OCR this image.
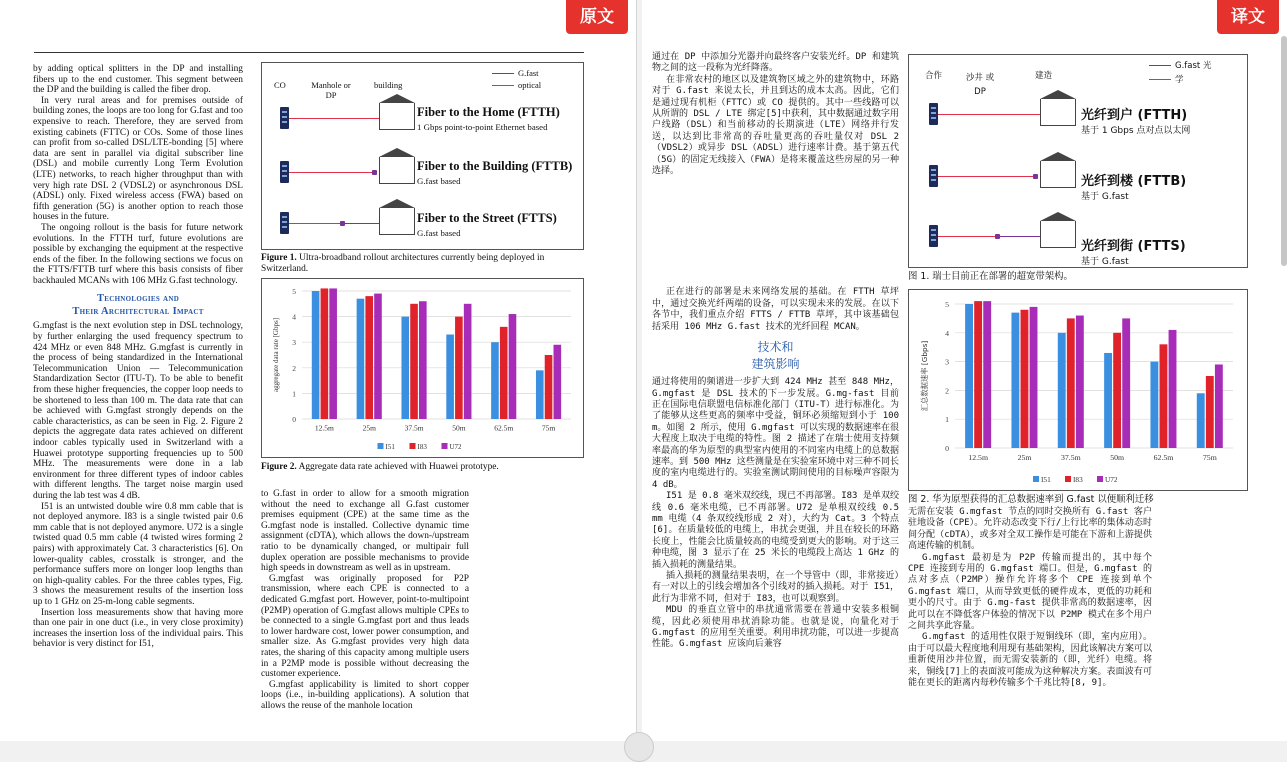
原文

by adding optical splitters in the DP and installing fibers up to the end customer. This segment between the DP and the building is called the fiber drop.

In very rural areas and for premises outside of building zones, the loops are too long for G.fast and too expensive to reach. Therefore, they are served from existing cabinets (FTTC) or COs. Some of those lines can profit from so-called DSL/LTE-bonding [5] where data are sent in parallel via digital subscriber line (DSL) and mobile currently Long Term Evolution (LTE) networks, to reach higher throughput than with very high rate DSL 2 (VDSL2) or asynchronous DSL (ADSL) only. Fixed wireless access (FWA) based on fifth generation (5G) is another option to reach those houses in the future.

The ongoing rollout is the basis for future network evolutions. In the FTTH turf, future evolutions are possible by exchanging the equipment at the respective ends of the fiber. In the following sections we focus on the FTTS/FTTB turf where this basis consists of fiber backhauled MCANs with 106 MHz G.fast technology.

Technologies and
Their Architectural Impact

G.mgfast is the next evolution step in DSL technology, by further enlarging the used frequency spectrum to 424 MHz or even 848 MHz. G.mgfast is currently in the process of being standardized in the International Telecommunication Union — Telecommunication Standardization Sector (ITU-T). To be able to benefit from these higher frequencies, the copper loop needs to be shortened to less than 100 m. The data rate that can be achieved with G.mgfast strongly depends on the cable characteristics, as can be seen in Fig. 2. Figure 2 depicts the aggregate data rates achieved on different indoor cables typically used in Switzerland with a Huawei prototype supporting frequencies up to 500 MHz. The measurements were done in a lab environment for three different types of indoor cables with different lengths. The target noise margin used during the lab test was 4 dB.

I51 is an untwisted double wire 0.8 mm cable that is not deployed anymore. I83 is a single twisted pair 0.6 mm cable that is not deployed anymore. U72 is a single twisted quad 0.5 mm cable (4 twisted wires forming 2 pairs) with approximately Cat. 3 characteristics [6]. On lower-quality cables, crosstalk is stronger, and the performance suffers more on longer loop lengths than on high-quality cables. For the three cables types, Fig. 3 shows the measurement results of the insertion loss up to 1 GHz on 25-m-long cable segments.

Insertion loss measurements show that having more than one pair in one duct (i.e., in very close proximity) increases the insertion loss of the individual pairs. This behavior is very distinct for I51,

to G.fast in order to allow for a smooth migration without the need to exchange all G.fast customer premises equipment (CPE) at the same time as the G.mgfast node is installed. Collective dynamic time assignment (cDTA), which allows the down-/upstream ratio to be dynamically changed, or multipair full duplex operation are possible mechanisms to provide high speeds in downstream as well as in upstream.

G.mgfast was originally proposed for P2P transmission, where each CPE is connected to a dedicated G.mgfast port. However, point-to-multipoint (P2MP) operation of G.mgfast allows multiple CPEs to be connected to a single G.mgfast port and thus leads to lower hardware cost, lower power consumption, and smaller size. As G.mgfast provides very high data rates, the sharing of this capacity among multiple users in a P2MP mode is possible without decreasing the customer experience.

G.mgfast applicability is limited to short copper loops (i.e., in-building applications). A solution that allows the reuse of the manhole location

CO	Manhole or DP
building
G.fast
optical
Fiber to the Home (FTTH)
1 Gbps point-to-point Ethernet based
Fiber to the Building (FTTB)
G.fast based
Fiber to the Street (FTTS)
G.fast based
Figure 1. Ultra-broadband rollout architectures currently being deployed in Switzerland.
0
1
2
3
4
5
aggregate data rate [Gbps]
12.5m	25m	37.5m	50m	62.5m	75m
I51	I83	U72
Figure 2. Aggregate data rate achieved with Huawei prototype.
译文

通过在 DP 中添加分光器并向最终客户安装光纤。DP 和建筑物之间的这一段称为光纤降落。

在非常农村的地区以及建筑物区域之外的建筑物中，环路对于 G.fast 来说太长，并且到达的成本太高。因此，它们是通过现有机柜（FTTC）或 CO 提供的。其中一些线路可以从所谓的 DSL / LTE 绑定[5]中获利，其中数据通过数字用户线路（DSL）和当前移动的长期演进（LTE）网络并行发送，以达到比非常高的吞吐量更高的吞吐量仅对 DSL 2（VDSL2）或异步 DSL（ADSL）进行速率计费。基于第五代（5G）的固定无线接入（FWA）是将来覆盖这些房屋的另一种选择。

正在进行的部署是未来网络发展的基础。在 FTTH 草坪中，通过交换光纤两端的设备，可以实现未来的发展。在以下各节中，我们重点介绍 FTTS / FTTB 草坪，其中该基础包括采用 106 MHz G.fast 技术的光纤回程 MCAN。

技术和
建筑影响

通过将使用的频谱进一步扩大到 424 MHz 甚至 848 MHz，G.mgfast 是 DSL 技术的下一步发展。G.mg-fast 目前正在国际电信联盟电信标准化部门（ITU-T）进行标准化。为了能够从这些更高的频率中受益，铜环必须缩短到小于 100 m。如图 2 所示，使用 G.mgfast 可以实现的数据速率在很大程度上取决于电缆的特性。图 2 描述了在瑞士使用支持频率最高的华为原型的典型室内使用的不同室内电缆上的总数据速率。到 500 MHz 这些测量是在实验室环境中对三种不同长度的室内电缆进行的。实验室测试期间使用的目标噪声容限为 4 dB。

I51 是 0.8 毫米双绞线，现已不再部署。I83 是单双绞线 0.6 毫米电缆，已不再部署。U72 是单根双绞线 0.5 mm 电缆（4 条双绞线形成 2 对），大约为 Cat。3 个特点[6]。在质量较低的电缆上，串扰会更强，并且在较长的环路长度上，性能会比质量较高的电缆受到更大的影响。对于这三种电缆，图 3 显示了在 25 米长的电缆段上高达 1 GHz 的插入损耗的测量结果。

插入损耗的测量结果表明，在一个导管中（即，非常接近）有一对以上的引线会增加各个引线对的插入损耗。对于 I51，此行为非常不同，但对于 I83，也可以观察到。

MDU 的垂直立管中的串扰通常需要在普通中安装多根铜缆，因此必须使用串扰消除功能。也就是说，向量化对于 G.mgfast 的应用至关重要。利用串扰功能，可以进一步提高性能。G.mgfast 应该向后兼容

无需在安装 G.mgfast 节点的同时交换所有 G.fast 客户驻地设备（CPE）。允许动态改变下行/上行比率的集体动态时间分配（cDTA），或多对全双工操作是可能在下游和上游提供高速传输的机制。

G.mgfast 最初是为 P2P 传输而提出的，其中每个 CPE 连接到专用的 G.mgfast 端口。但是，G.mgfast 的点对多点（P2MP）操作允许将多个 CPE 连接到单个 G.mgfast 端口，从而导致更低的硬件成本，更低的功耗和更小的尺寸。由于 G.mg-fast 提供非常高的数据速率，因此可以在不降低客户体验的情况下以 P2MP 模式在多个用户之间共享此容量。

G.mgfast 的适用性仅限于短铜线环（即，室内应用）。由于可以最大程度地利用现有基础架构，因此该解决方案可以重新使用沙井位置，而无需安装新的（即，光纤）电缆。将来，铜线[7]上的表面波可能成为这种解决方案。表面波有可能在更长的距离内每秒传输多个千兆比特[8, 9]。

合作	沙井 或 DP
建造
G.fast 光
学
光纤到户 (FTTH)
基于 1 Gbps 点对点以太网
光纤到楼 (FTTB)
基于 G.fast
光纤到街 (FTTS)
基于 G.fast
图 1. 瑞士目前正在部署的超宽带架构。
0
1
2
3
4
5
汇总数据速率 [Gbps]
12.5m	25m	37.5m	50m	62.5m	75m
I51	I83	U72
图 2. 华为原型获得的汇总数据速率到 G.fast 以便顺利迁移
